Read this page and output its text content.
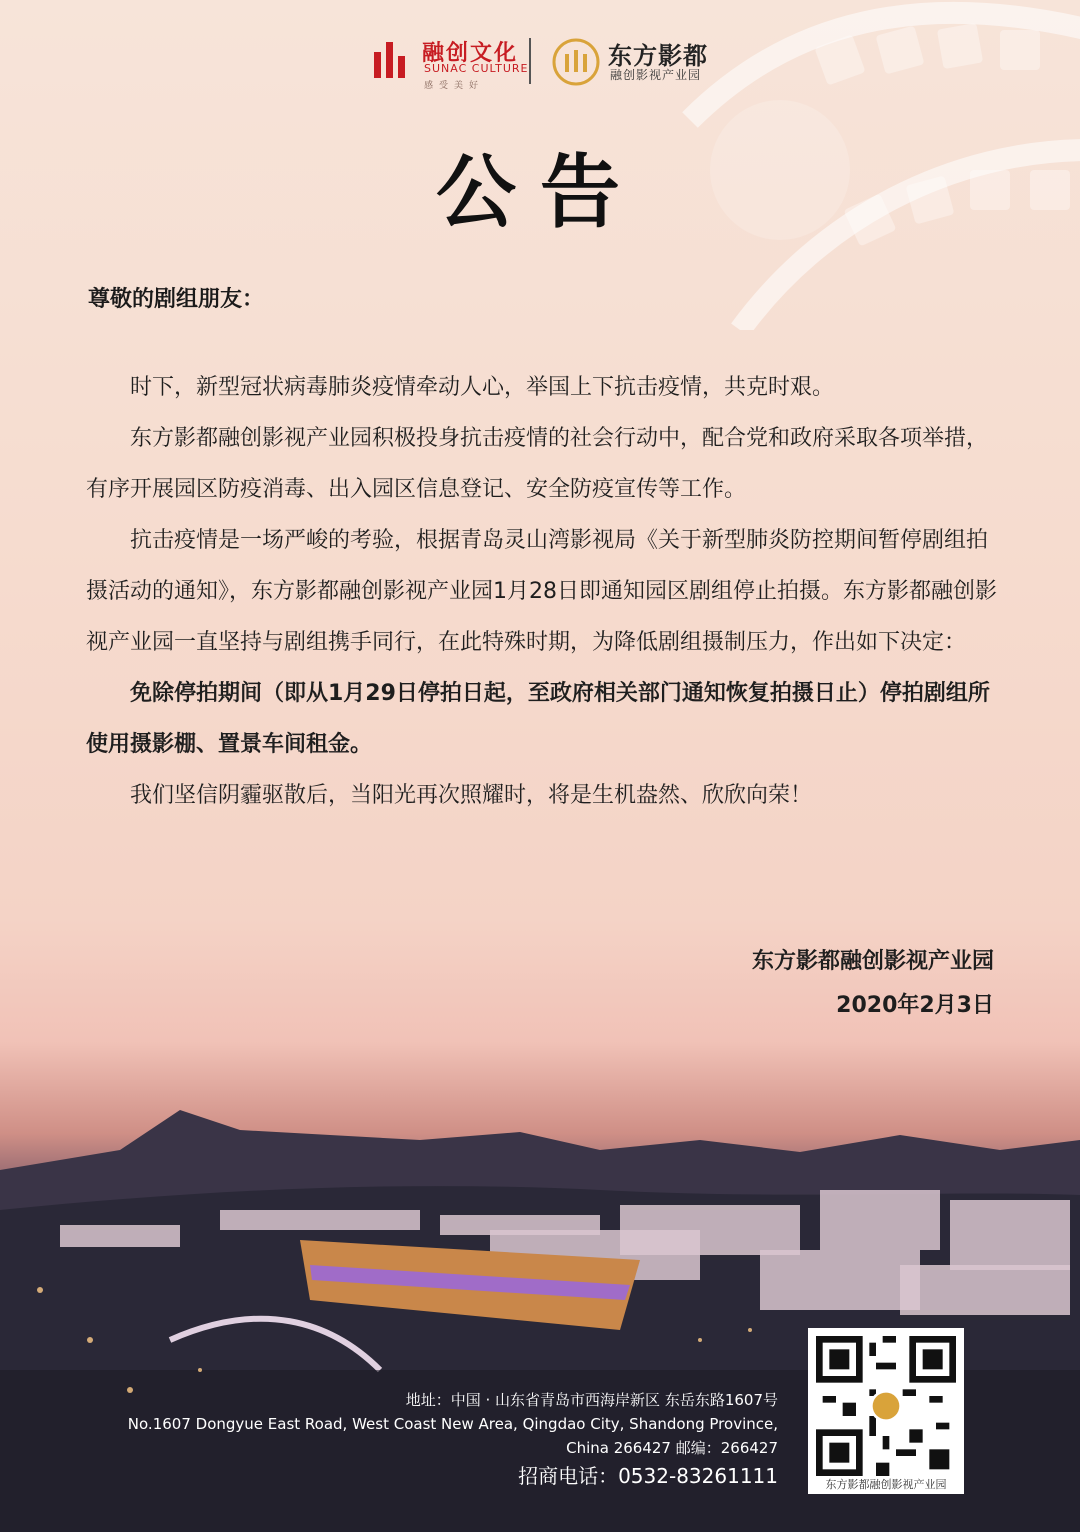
融创文化
SUNAC CULTURE
感受美好
东方影都
融创影视产业园
公告
尊敬的剧组朋友：

时下，新型冠状病毒肺炎疫情牵动人心，举国上下抗击疫情，共克时艰。

东方影都融创影视产业园积极投身抗击疫情的社会行动中，配合党和政府采取各项举措，有序开展园区防疫消毒、出入园区信息登记、安全防疫宣传等工作。

抗击疫情是一场严峻的考验，根据青岛灵山湾影视局《关于新型肺炎防控期间暂停剧组拍摄活动的通知》，东方影都融创影视产业园1月28日即通知园区剧组停止拍摄。东方影都融创影视产业园一直坚持与剧组携手同行，在此特殊时期，为降低剧组摄制压力，作出如下决定：

免除停拍期间（即从1月29日停拍日起，至政府相关部门通知恢复拍摄日止）停拍剧组所使用摄影棚、置景车间租金。

我们坚信阴霾驱散后，当阳光再次照耀时，将是生机盎然、欣欣向荣！

东方影都融创影视产业园
2020年2月3日
地址：中国 · 山东省青岛市西海岸新区 东岳东路1607号
No.1607 Dongyue East Road, West Coast New Area, Qingdao City, Shandong Province,
China 266427 邮编：266427
招商电话：0532-83261111	东方影都融创影视产业园
